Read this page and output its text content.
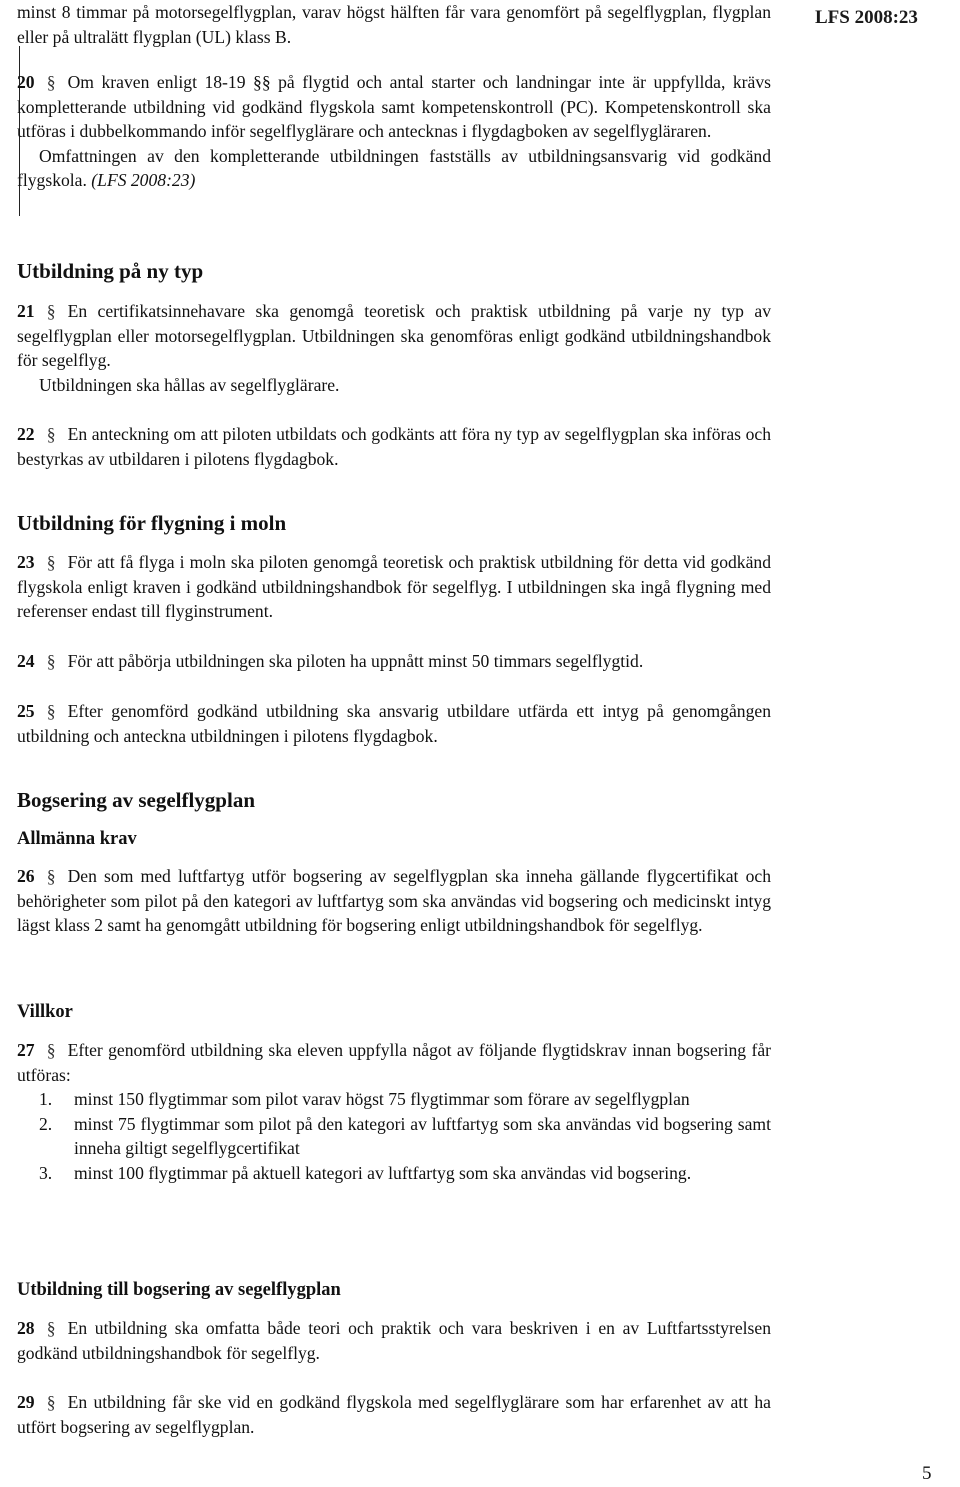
LFS 2008:23
5

minst 8 timmar på motorsegelflygplan, varav högst hälften får vara genomfört på segelflygplan, flygplan eller på ultralätt flygplan (UL) klass B.

20 § Om kraven enligt 18-19 §§ på flygtid och antal starter och landningar inte är uppfyllda, krävs kompletterande utbildning vid godkänd flygskola samt kompetenskontroll (PC). Kompetenskontroll ska utföras i dubbelkommando inför segelflyglärare och antecknas i flygdagboken av segelflygläraren.

Omfattningen av den kompletterande utbildningen fastställs av utbildningsansvarig vid godkänd flygskola. (LFS 2008:23)

Utbildning på ny typ

21 § En certifikatsinnehavare ska genomgå teoretisk och praktisk utbildning på varje ny typ av segelflygplan eller motorsegelflygplan. Utbildningen ska genomföras enligt godkänd utbildningshandbok för segelflyg.

Utbildningen ska hållas av segelflyglärare.

22 § En anteckning om att piloten utbildats och godkänts att föra ny typ av segelflygplan ska införas och bestyrkas av utbildaren i pilotens flygdagbok.

Utbildning för flygning i moln

23 § För att få flyga i moln ska piloten genomgå teoretisk och praktisk utbildning för detta vid godkänd flygskola enligt kraven i godkänd utbildningshandbok för segelflyg. I utbildningen ska ingå flygning med referenser endast till flyginstrument.

24 § För att påbörja utbildningen ska piloten ha uppnått minst 50 timmars segelflygtid.

25 § Efter genomförd godkänd utbildning ska ansvarig utbildare utfärda ett intyg på genomgången utbildning och anteckna utbildningen i pilotens flygdagbok.

Bogsering av segelflygplan
Allmänna krav

26 § Den som med luftfartyg utför bogsering av segelflygplan ska inneha gällande flygcertifikat och behörigheter som pilot på den kategori av luftfartyg som ska användas vid bogsering och medicinskt intyg lägst klass 2 samt ha genomgått utbildning för bogsering enligt utbildningshandbok för segelflyg.

Villkor

27 § Efter genomförd utbildning ska eleven uppfylla något av följande flygtidskrav innan bogsering får utföras:

1. minst 150 flygtimmar som pilot varav högst 75 flygtimmar som förare av segelflygplan
2. minst 75 flygtimmar som pilot på den kategori av luftfartyg som ska användas vid bogsering samt inneha giltigt segelflygcertifikat
3. minst 100 flygtimmar på aktuell kategori av luftfartyg som ska användas vid bogsering.
Utbildning till bogsering av segelflygplan

28 § En utbildning ska omfatta både teori och praktik och vara beskriven i en av Luftfartsstyrelsen godkänd utbildningshandbok för segelflyg.

29 § En utbildning får ske vid en godkänd flygskola med segelflyglärare som har erfarenhet av att ha utfört bogsering av segelflygplan.
